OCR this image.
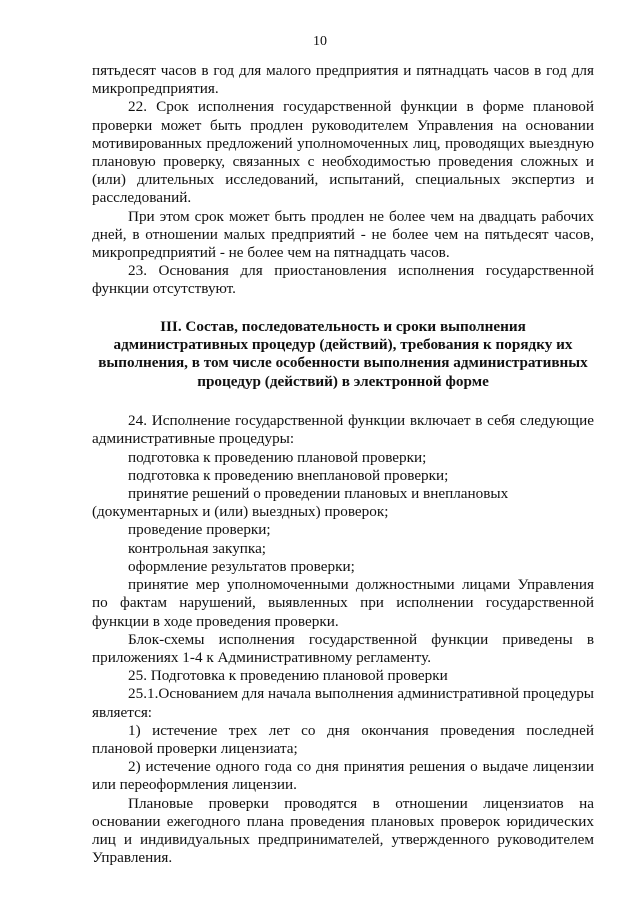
10

пятьдесят часов в год для малого предприятия и пятнадцать часов в год для микропредприятия.

22. Срок исполнения государственной функции в форме плановой проверки может быть продлен руководителем Управления на основании мотивированных предложений уполномоченных лиц, проводящих выездную плановую проверку, связанных с необходимостью проведения сложных и (или) длительных исследований, испытаний, специальных экспертиз и расследований.

При этом срок может быть продлен не более чем на двадцать рабочих дней, в отношении малых предприятий - не более чем на пятьдесят часов, микропредприятий - не более чем на пятнадцать часов.

23. Основания для приостановления исполнения государственной функции отсутствуют.

III. Состав, последовательность и сроки выполнения
административных процедур (действий), требования к порядку их
выполнения, в том числе особенности выполнения административных
процедур (действий) в электронной форме

24. Исполнение государственной функции включает в себя следующие административные процедуры:

подготовка к проведению плановой проверки;

подготовка к проведению внеплановой проверки;

принятие решений о проведении плановых и внеплановых (документарных и (или) выездных) проверок;

проведение проверки;

контрольная закупка;

оформление результатов проверки;

принятие мер уполномоченными должностными лицами Управления по фактам нарушений, выявленных при исполнении государственной функции в ходе проведения проверки.

Блок-схемы исполнения государственной функции приведены в приложениях 1-4 к Административному регламенту.

25. Подготовка к проведению плановой проверки

25.1.Основанием для начала выполнения административной процедуры является:

1) истечение трех лет со дня окончания проведения последней плановой проверки лицензиата;

2) истечение одного года со дня принятия решения о выдаче лицензии или переоформления лицензии.

Плановые проверки проводятся в отношении лицензиатов на основании ежегодного плана проведения плановых проверок юридических лиц и индивидуальных предпринимателей, утвержденного руководителем Управления.
